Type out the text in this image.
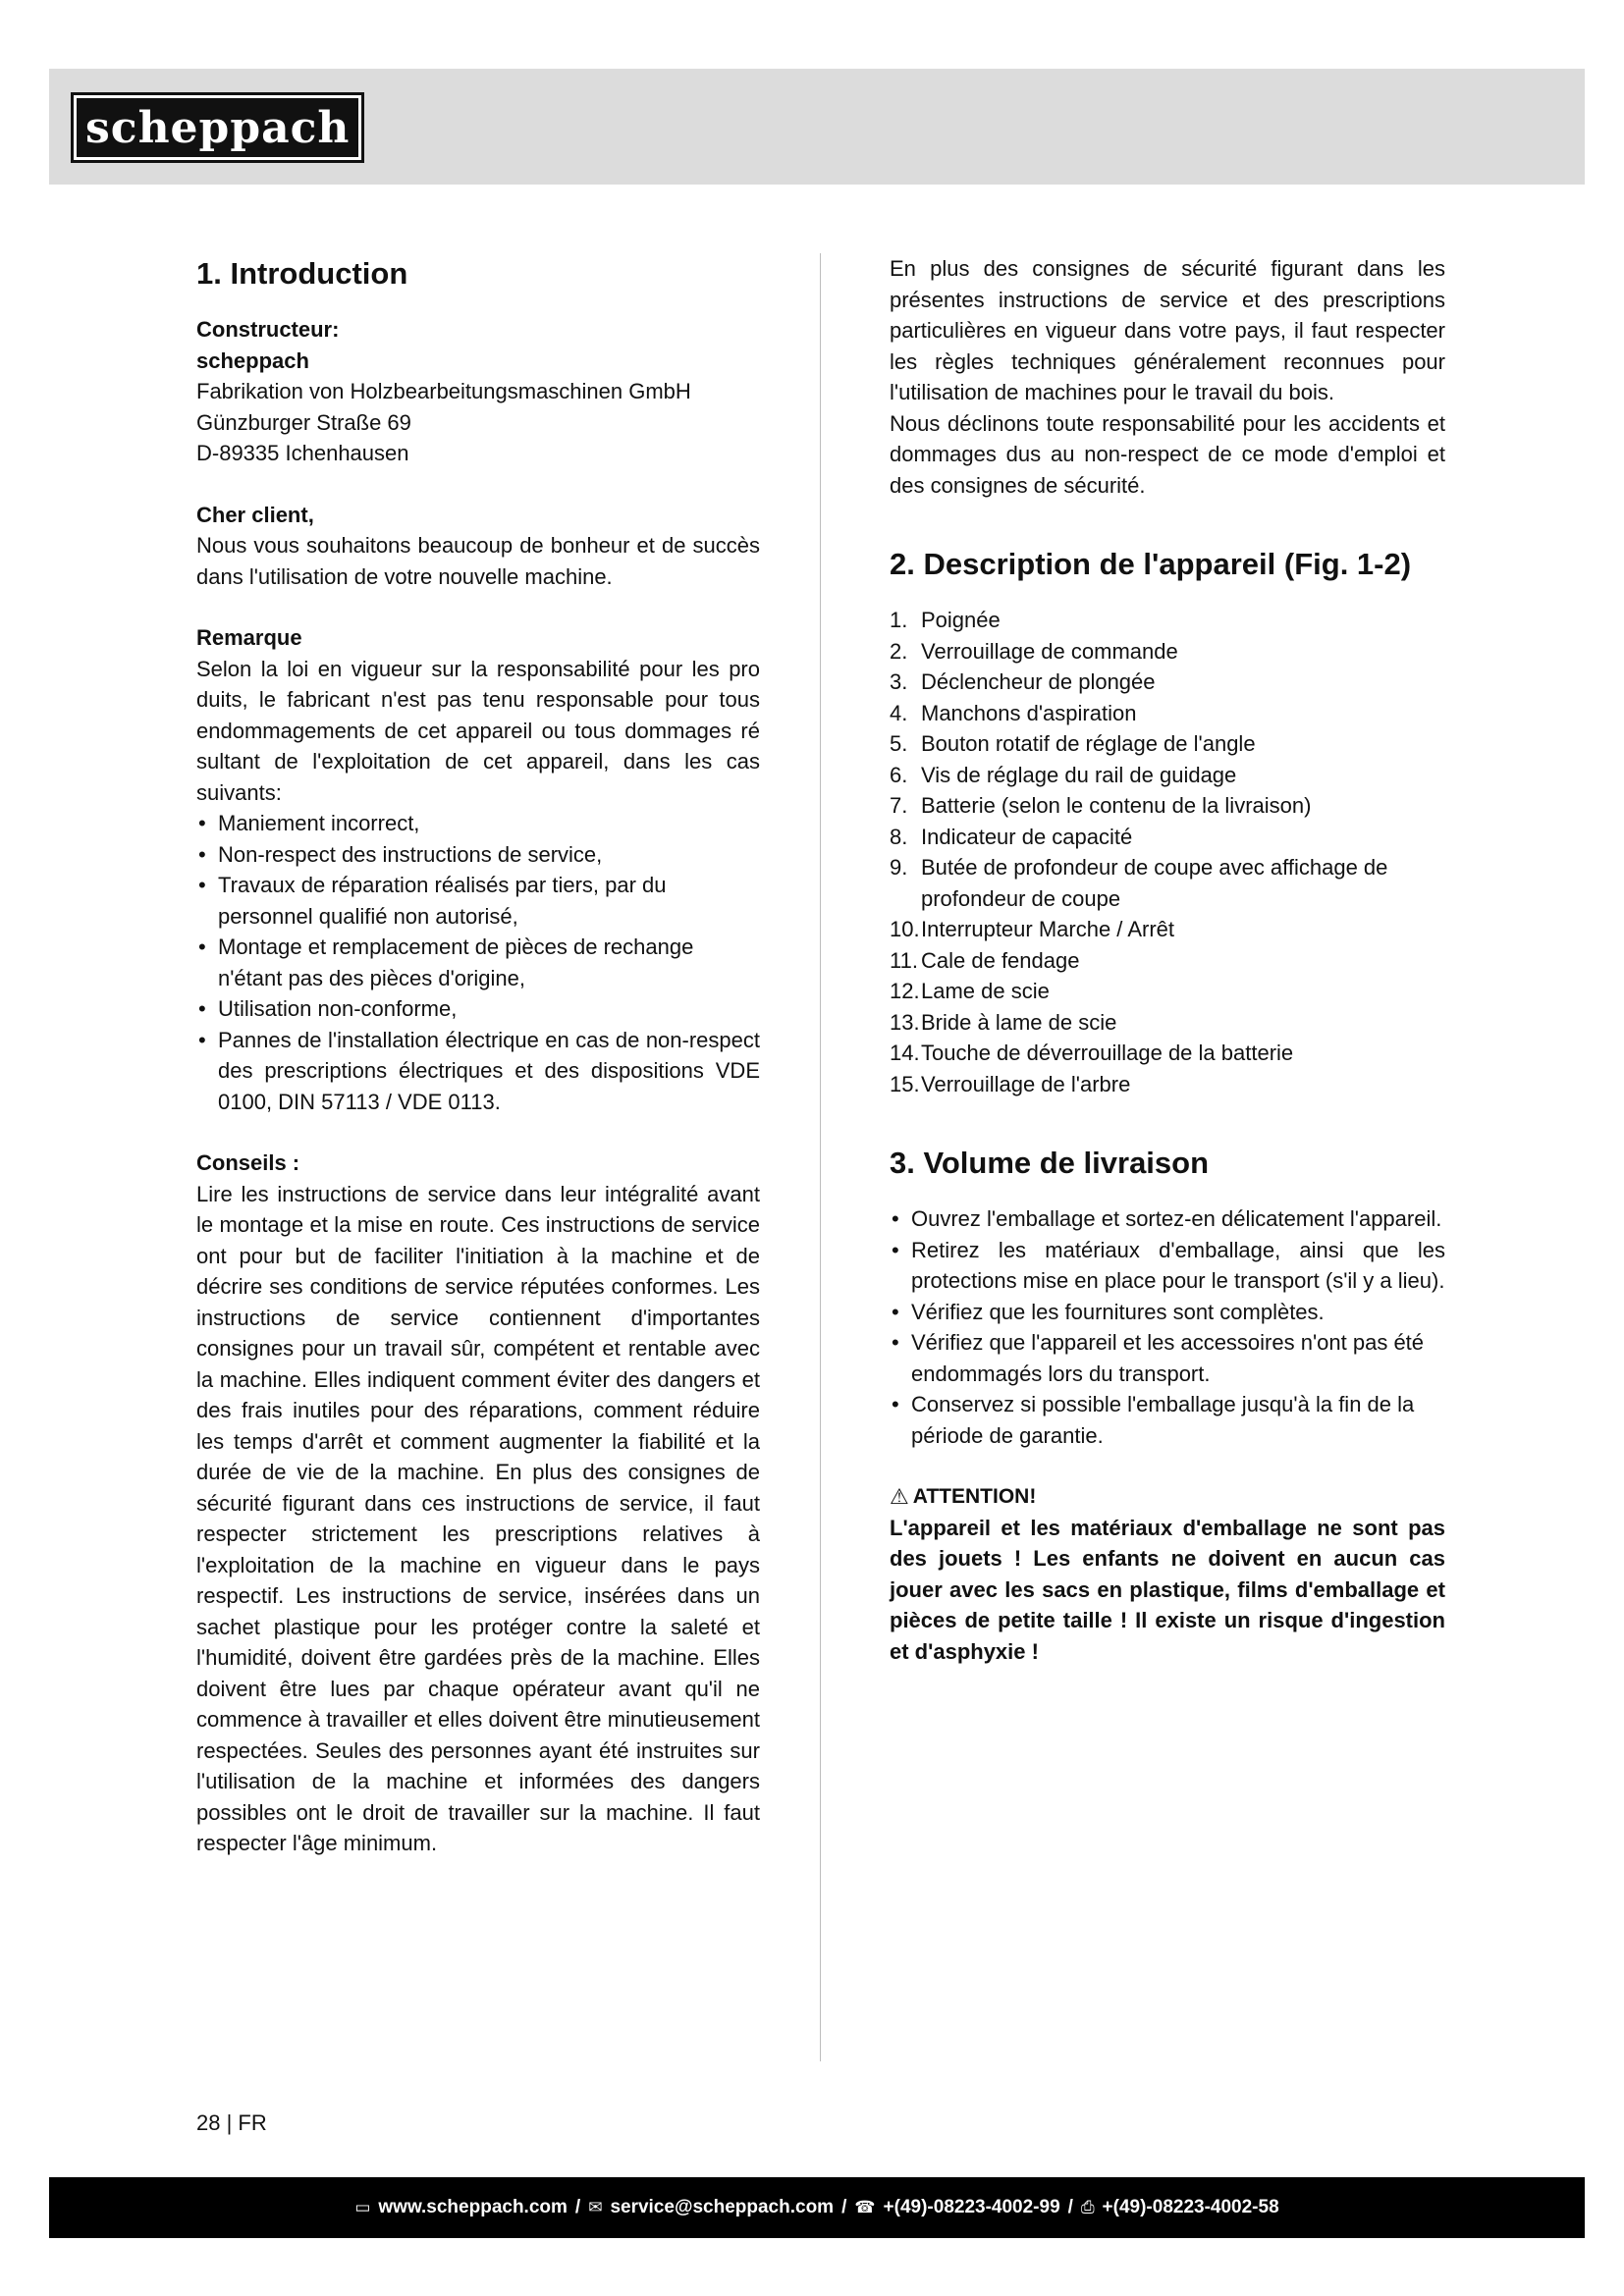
scheppach
1. Introduction

Constructeur:

scheppach

Fabrikation von Holzbearbeitungsmaschinen GmbH

Günzburger Straße 69

D-89335 Ichenhausen

Cher client,

Nous vous souhaitons beaucoup de bonheur et de succès dans l'utilisation de votre nouvelle machine.

Remarque

Selon la loi en vigueur sur la responsabilité pour les pro duits, le fabricant n'est pas tenu responsable pour tous endommagements de cet appareil ou tous dommages ré sultant de l'exploitation de cet appareil, dans les cas suivants:

• Maniement incorrect,
• Non-respect des instructions de service,
• Travaux de réparation réalisés par tiers, par du personnel qualifié non autorisé,
• Montage et remplacement de pièces de rechange n'étant pas des pièces d'origine,
• Utilisation non-conforme,
• Pannes de l'installation électrique en cas de non-respect des prescriptions électriques et des dispositions VDE 0100, DIN 57113 / VDE 0113.

Conseils :

Lire les instructions de service dans leur intégralité avant le montage et la mise en route. Ces instructions de service ont pour but de faciliter l'initiation à la machine et de décrire ses conditions de service réputées conformes. Les instructions de service contiennent d'importantes consignes pour un travail sûr, compétent et rentable avec la machine. Elles indiquent comment éviter des dangers et des frais inutiles pour des réparations, comment réduire les temps d'arrêt et comment augmenter la fiabilité et la durée de vie de la machine. En plus des consignes de sécurité figurant dans ces instructions de service, il faut respecter strictement les prescriptions relatives à l'exploitation de la machine en vigueur dans le pays respectif. Les instructions de service, insérées dans un sachet plastique pour les protéger contre la saleté et l'humidité, doivent être gardées près de la machine. Elles doivent être lues par chaque opérateur avant qu'il ne commence à travailler et elles doivent être minutieusement respectées. Seules des personnes ayant été instruites sur l'utilisation de la machine et informées des dangers possibles ont le droit de travailler sur la machine. Il faut respecter l'âge minimum.

En plus des consignes de sécurité figurant dans les présentes instructions de service et des prescriptions particulières en vigueur dans votre pays, il faut respecter les règles techniques généralement reconnues pour l'utilisation de machines pour le travail du bois.

Nous déclinons toute responsabilité pour les accidents et dommages dus au non-respect de ce mode d'emploi et des consignes de sécurité.

2. Description de l'appareil (Fig. 1-2)
1. Poignée
2. Verrouillage de commande
3. Déclencheur de plongée
4. Manchons d'aspiration
5. Bouton rotatif de réglage de l'angle
6. Vis de réglage du rail de guidage
7. Batterie (selon le contenu de la livraison)
8. Indicateur de capacité
9. Butée de profondeur de coupe avec affichage de profondeur de coupe
10. Interrupteur Marche / Arrêt
11. Cale de fendage
12. Lame de scie
13. Bride à lame de scie
14. Touche de déverrouillage de la batterie
15. Verrouillage de l'arbre
3. Volume de livraison
• Ouvrez l'emballage et sortez-en délicatement l'appareil.
• Retirez les matériaux d'emballage, ainsi que les protections mise en place pour le transport (s'il y a lieu).
• Vérifiez que les fournitures sont complètes.
• Vérifiez que l'appareil et les accessoires n'ont pas été endommagés lors du transport.
• Conservez si possible l'emballage jusqu'à la fin de la période de garantie.
⚠ ATTENTION!

L'appareil et les matériaux d'emballage ne sont pas des jouets ! Les enfants ne doivent en aucun cas jouer avec les sacs en plastique, films d'emballage et pièces de petite taille ! Il existe un risque d'ingestion et d'asphyxie !

28 | FR
▭ www.scheppach.com / ✉ service@scheppach.com / ☎ +(49)-08223-4002-99 / ⎙ +(49)-08223-4002-58
